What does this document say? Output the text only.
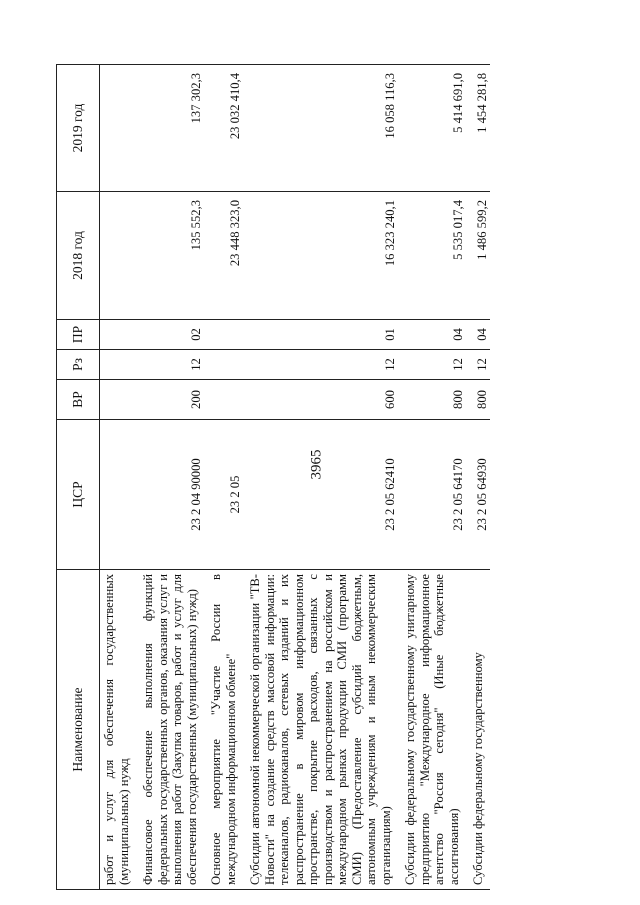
3965
Наименование	ЦСР	ВР	Рз	ПР	2018 год	2019 год
работ и услуг для обеспечения государственных (муниципальных) нужд						
Финансовое обеспечение выполнения функций федеральных государственных органов, оказания услуг и выполнения работ (Закупка товаров, работ и услуг для обеспечения государственных (муниципальных) нужд)	23 2 04 90000	200	12	02	135 552,3	137 302,3
Основное мероприятие "Участие России в международном информационном обмене"	23 2 05				23 448 323,0	23 032 410,4
Субсидии автономной некоммерческой организации "ТВ-Новости" на создание средств массовой информации: телеканалов, радиоканалов, сетевых изданий и их распространение в мировом информационном пространстве, покрытие расходов, связанных с производством и распространением на российском и международном рынках продукции СМИ (программ СМИ) (Предоставление субсидий бюджетным, автономным учреждениям и иным некоммерческим организациям)	23 2 05 62410	600	12	01	16 323 240,1	16 058 116,3
Субсидии федеральному государственному унитарному предприятию "Международное информационное агентство "Россия сегодня" (Иные бюджетные ассигнования)	23 2 05 64170	800	12	04	5 535 017,4	5 414 691,0
Субсидии федеральному государственному	23 2 05 64930	800	12	04	1 486 599,2	1 454 281,8
